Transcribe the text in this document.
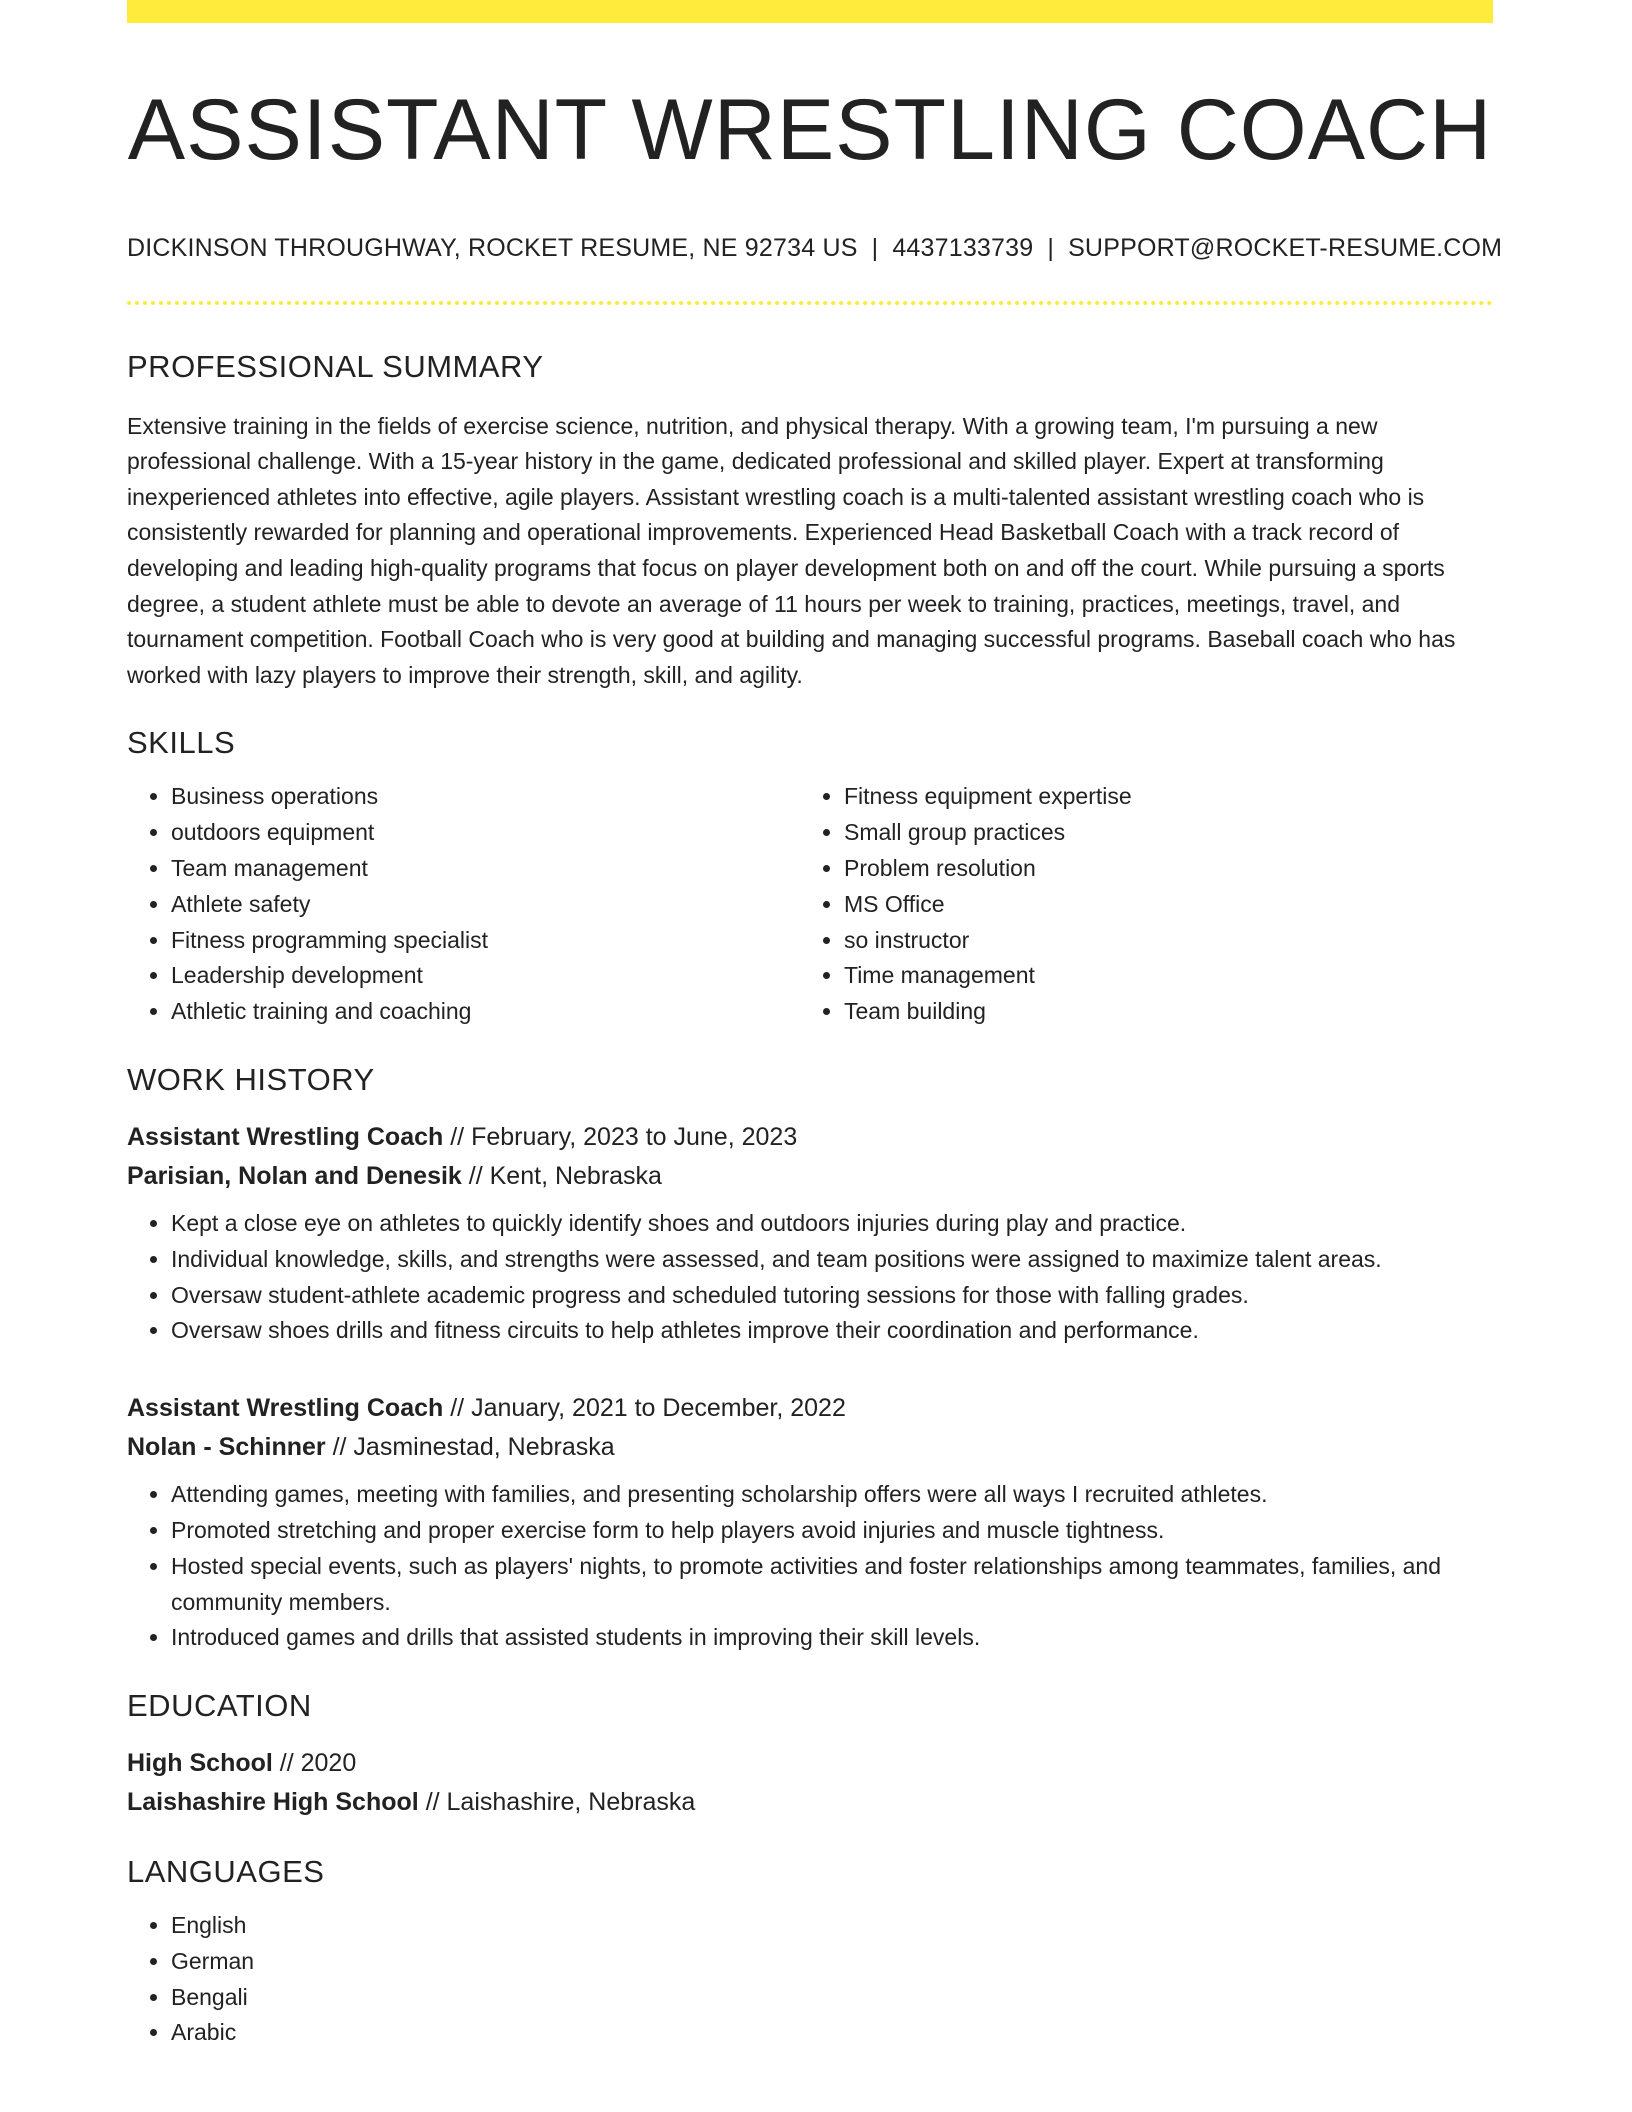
ASSISTANT WRESTLING COACH
DICKINSON THROUGHWAY, ROCKET RESUME, NE 92734 US | 4437133739 | SUPPORT@ROCKET-RESUME.COM
PROFESSIONAL SUMMARY
Extensive training in the fields of exercise science, nutrition, and physical therapy. With a growing team, I'm pursuing a new professional challenge. With a 15-year history in the game, dedicated professional and skilled player. Expert at transforming inexperienced athletes into effective, agile players. Assistant wrestling coach is a multi-talented assistant wrestling coach who is consistently rewarded for planning and operational improvements. Experienced Head Basketball Coach with a track record of developing and leading high-quality programs that focus on player development both on and off the court. While pursuing a sports degree, a student athlete must be able to devote an average of 11 hours per week to training, practices, meetings, travel, and tournament competition. Football Coach who is very good at building and managing successful programs. Baseball coach who has worked with lazy players to improve their strength, skill, and agility.
SKILLS
• Business operations
• outdoors equipment
• Team management
• Athlete safety
• Fitness programming specialist
• Leadership development
• Athletic training and coaching
• Fitness equipment expertise
• Small group practices
• Problem resolution
• MS Office
• so instructor
• Time management
• Team building
WORK HISTORY
Assistant Wrestling Coach // February, 2023 to June, 2023
Parisian, Nolan and Denesik // Kent, Nebraska
• Kept a close eye on athletes to quickly identify shoes and outdoors injuries during play and practice.
• Individual knowledge, skills, and strengths were assessed, and team positions were assigned to maximize talent areas.
• Oversaw student-athlete academic progress and scheduled tutoring sessions for those with falling grades.
• Oversaw shoes drills and fitness circuits to help athletes improve their coordination and performance.
Assistant Wrestling Coach // January, 2021 to December, 2022
Nolan - Schinner // Jasminestad, Nebraska
• Attending games, meeting with families, and presenting scholarship offers were all ways I recruited athletes.
• Promoted stretching and proper exercise form to help players avoid injuries and muscle tightness.
• Hosted special events, such as players' nights, to promote activities and foster relationships among teammates, families, and community members.
• Introduced games and drills that assisted students in improving their skill levels.
EDUCATION
High School // 2020
Laishashire High School // Laishashire, Nebraska
LANGUAGES
• English
• German
• Bengali
• Arabic
